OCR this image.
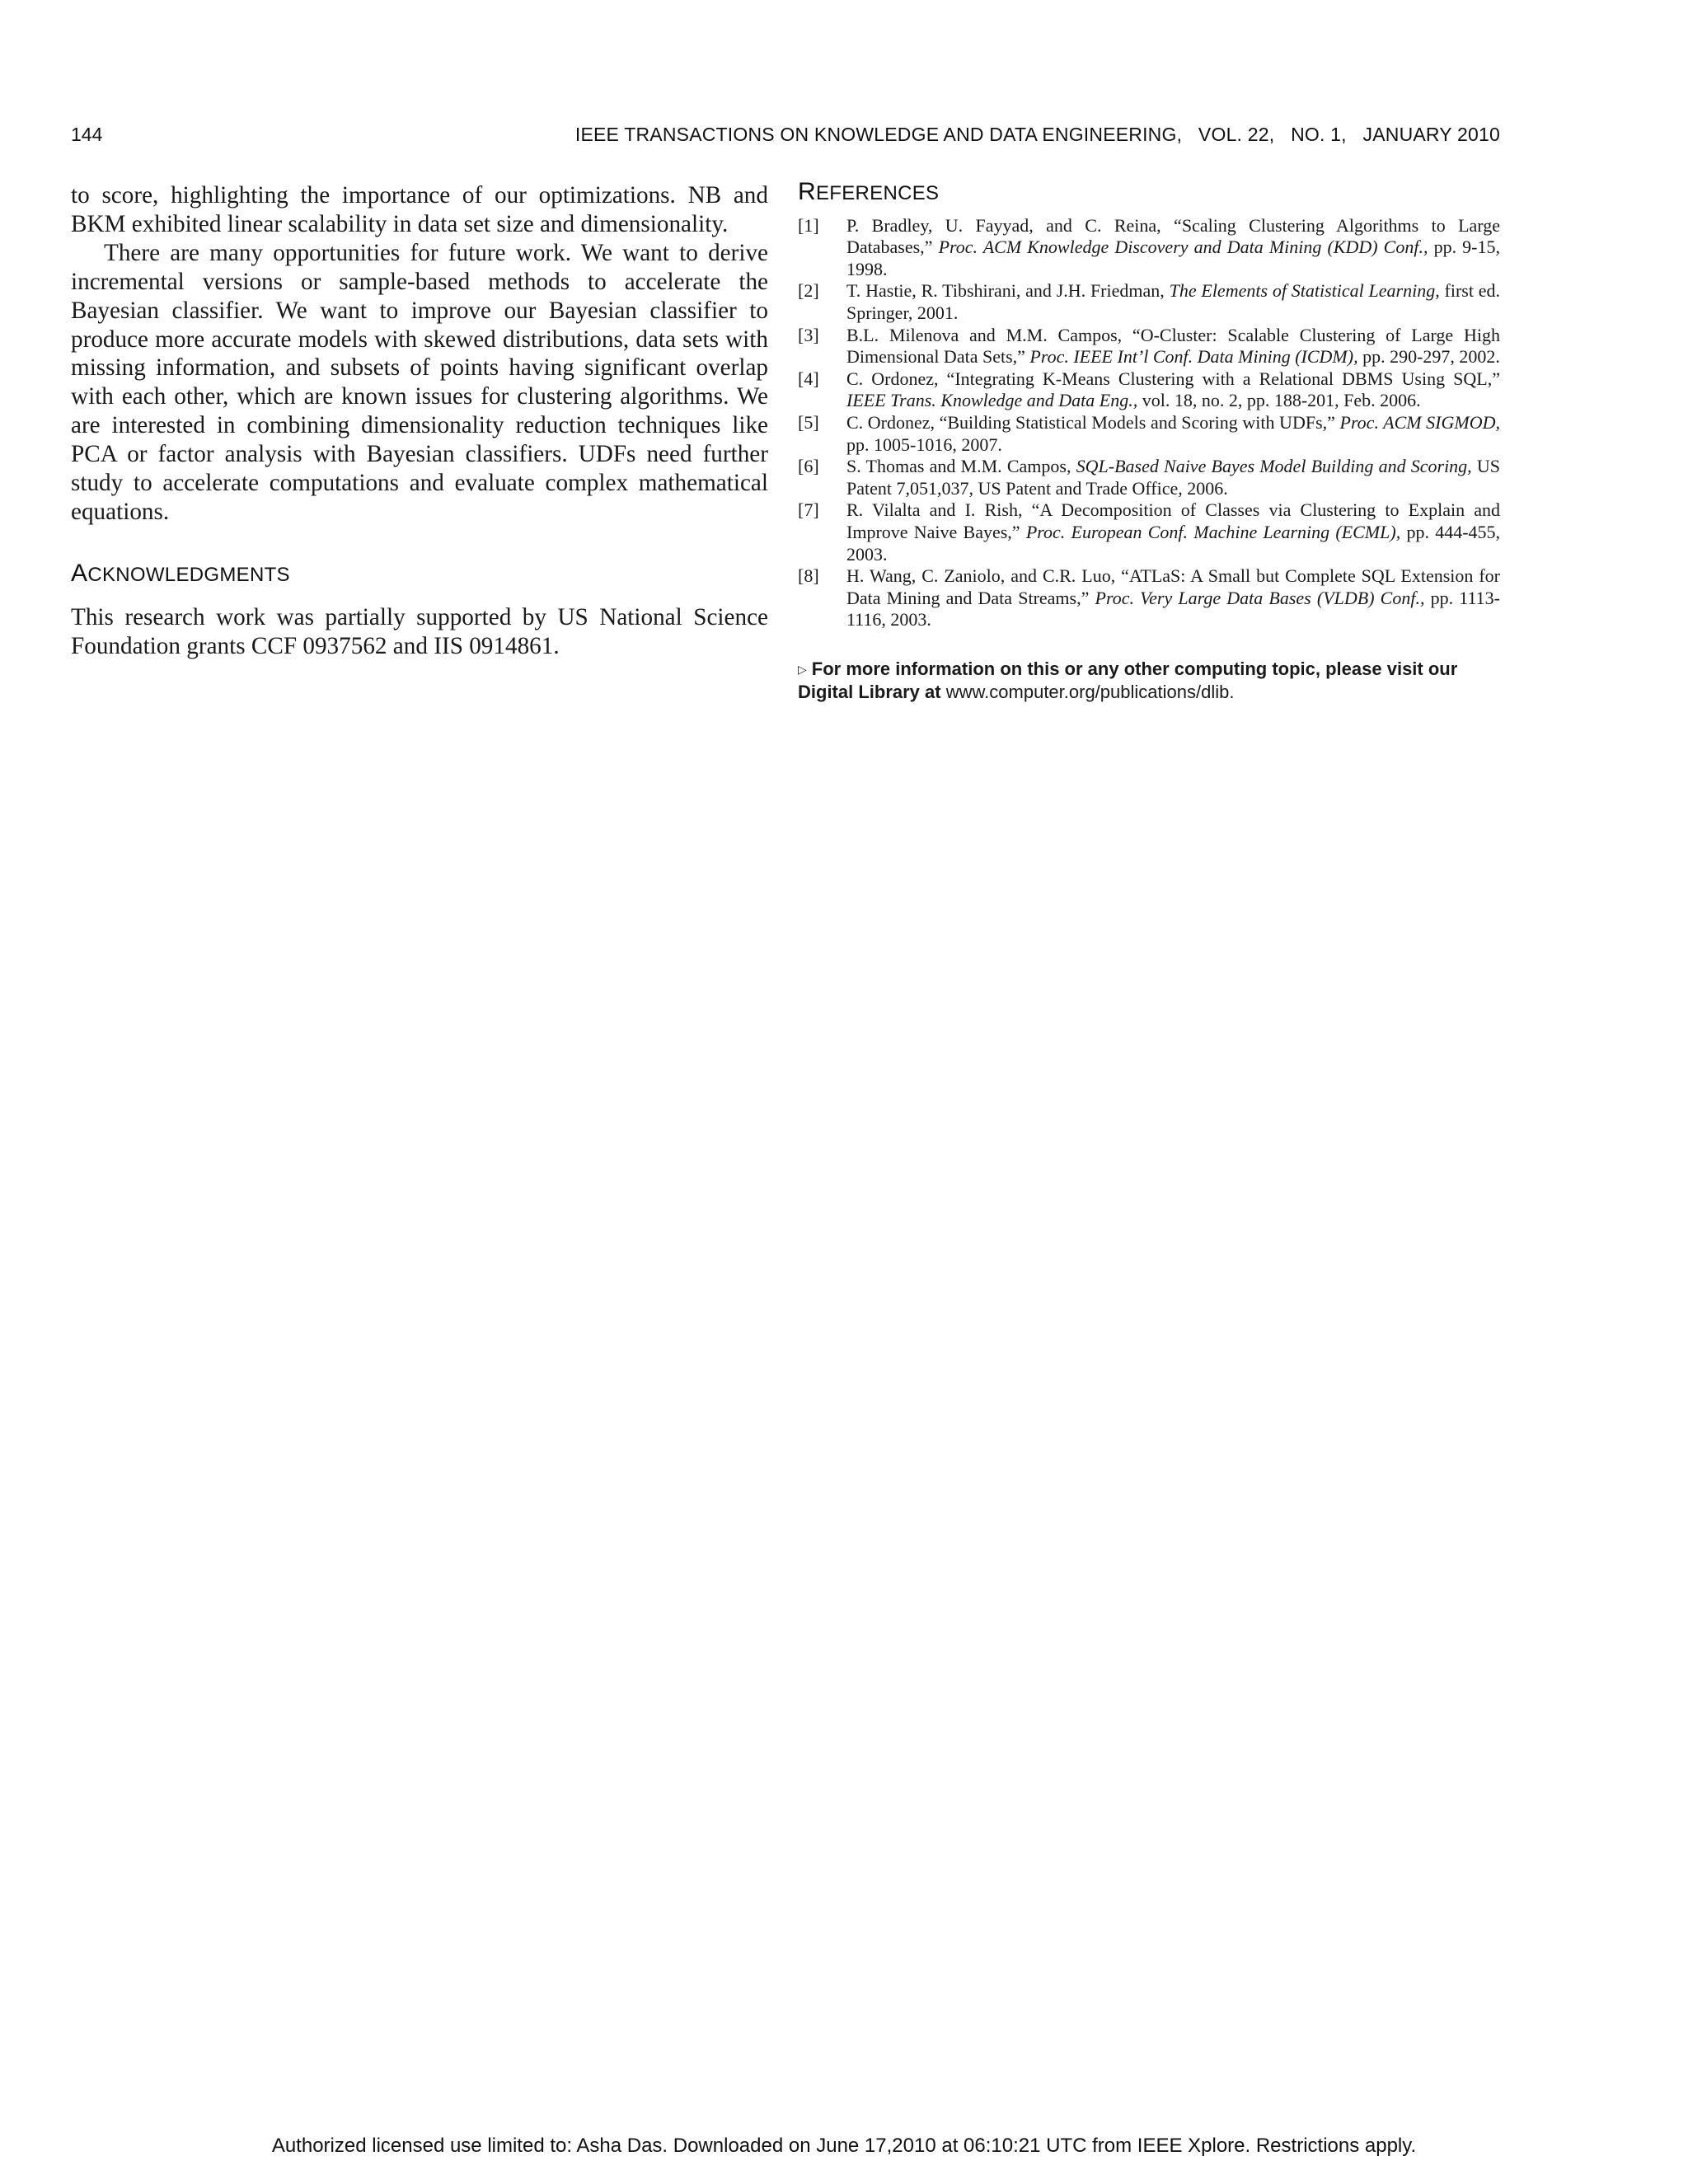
144	IEEE TRANSACTIONS ON KNOWLEDGE AND DATA ENGINEERING,   VOL. 22,   NO. 1,   JANUARY 2010

to score, highlighting the importance of our optimizations. NB and BKM exhibited linear scalability in data set size and dimensionality.

There are many opportunities for future work. We want to derive incremental versions or sample-based methods to accelerate the Bayesian classifier. We want to improve our Bayesian classifier to produce more accurate models with skewed distributions, data sets with missing information, and subsets of points having significant overlap with each other, which are known issues for clustering algorithms. We are interested in combining dimensionality reduction techniques like PCA or factor analysis with Bayesian classifiers. UDFs need further study to accelerate computations and evaluate complex mathematical equations.

ACKNOWLEDGMENTS

This research work was partially supported by US National Science Foundation grants CCF 0937562 and IIS 0914861.

REFERENCES
[1] P. Bradley, U. Fayyad, and C. Reina, “Scaling Clustering Algorithms to Large Databases,” Proc. ACM Knowledge Discovery and Data Mining (KDD) Conf., pp. 9-15, 1998.
[2] T. Hastie, R. Tibshirani, and J.H. Friedman, The Elements of Statistical Learning, first ed. Springer, 2001.
[3] B.L. Milenova and M.M. Campos, “O-Cluster: Scalable Clustering of Large High Dimensional Data Sets,” Proc. IEEE Int’l Conf. Data Mining (ICDM), pp. 290-297, 2002.
[4] C. Ordonez, “Integrating K-Means Clustering with a Relational DBMS Using SQL,” IEEE Trans. Knowledge and Data Eng., vol. 18, no. 2, pp. 188-201, Feb. 2006.
[5] C. Ordonez, “Building Statistical Models and Scoring with UDFs,” Proc. ACM SIGMOD, pp. 1005-1016, 2007.
[6] S. Thomas and M.M. Campos, SQL-Based Naive Bayes Model Building and Scoring, US Patent 7,051,037, US Patent and Trade Office, 2006.
[7] R. Vilalta and I. Rish, “A Decomposition of Classes via Clustering to Explain and Improve Naive Bayes,” Proc. European Conf. Machine Learning (ECML), pp. 444-455, 2003.
[8] H. Wang, C. Zaniolo, and C.R. Luo, “ATLaS: A Small but Complete SQL Extension for Data Mining and Data Streams,” Proc. Very Large Data Bases (VLDB) Conf., pp. 1113-1116, 2003.
▷ For more information on this or any other computing topic, please visit our Digital Library at www.computer.org/publications/dlib.
Authorized licensed use limited to: Asha Das. Downloaded on June 17,2010 at 06:10:21 UTC from IEEE Xplore. Restrictions apply.
